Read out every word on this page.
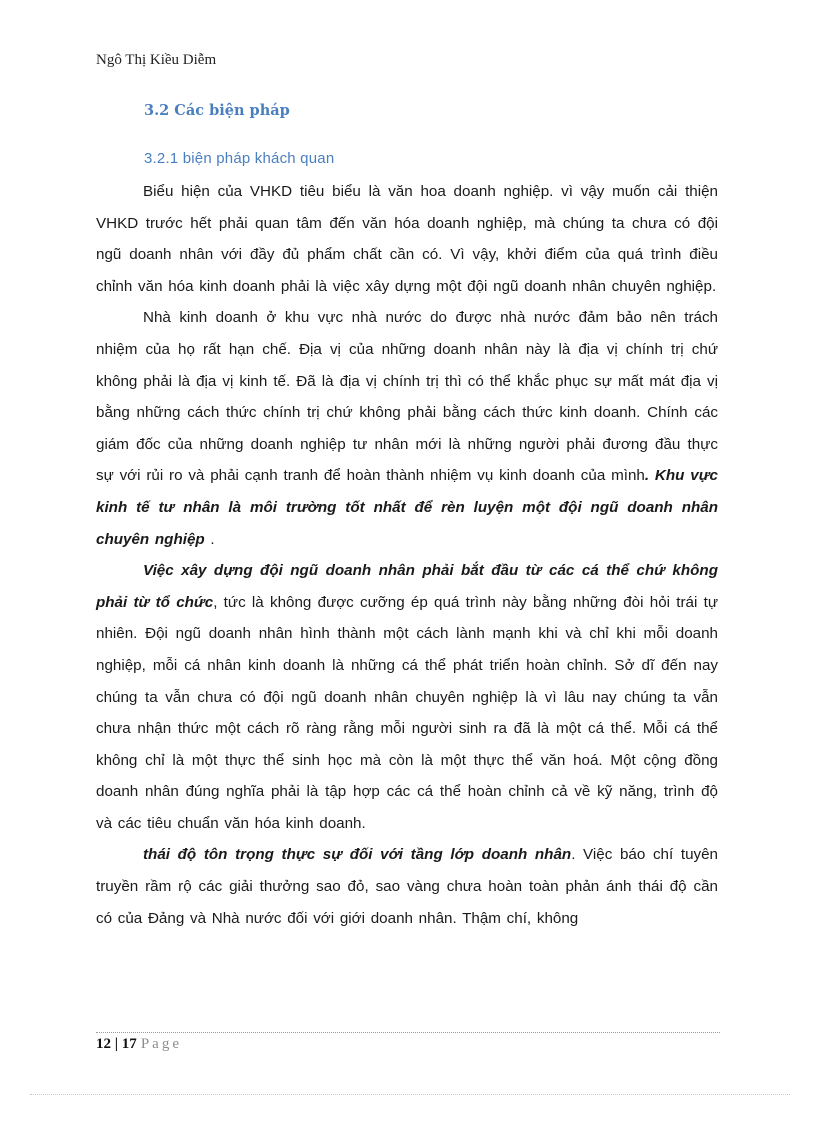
Ngô Thị Kiều Diễm
3.2 Các biện pháp
3.2.1 biện pháp khách quan

Biểu hiện của VHKD tiêu biểu là văn hoa doanh nghiệp. vì vậy muốn cải thiện VHKD trước hết phải quan tâm đến văn hóa doanh nghiệp, mà chúng ta chưa có đội ngũ doanh nhân với đầy đủ phẩm chất cần có. Vì vậy, khởi điểm của quá trình điều chỉnh văn hóa kinh doanh phải là việc xây dựng một đội ngũ doanh nhân chuyên nghiệp.

Nhà kinh doanh ở khu vực nhà nước do được nhà nước đảm bảo nên trách nhiệm của họ rất hạn chế. Địa vị của những doanh nhân này là địa vị chính trị chứ không phải là địa vị kinh tế. Đã là địa vị chính trị thì có thể khắc phục sự mất mát địa vị bằng những cách thức chính trị chứ không phải bằng cách thức kinh doanh. Chính các giám đốc của những doanh nghiệp tư nhân mới là những người phải đương đầu thực sự với rủi ro và phải cạnh tranh để hoàn thành nhiệm vụ kinh doanh của mình. Khu vực kinh tế tư nhân là môi trường tốt nhất để rèn luyện một đội ngũ doanh nhân chuyên nghiệp .

Việc xây dựng đội ngũ doanh nhân phải bắt đầu từ các cá thể chứ không phải từ tổ chức, tức là không được cưỡng ép quá trình này bằng những đòi hỏi trái tự nhiên. Đội ngũ doanh nhân hình thành một cách lành mạnh khi và chỉ khi mỗi doanh nghiệp, mỗi cá nhân kinh doanh là những cá thể phát triển hoàn chỉnh. Sở dĩ đến nay chúng ta vẫn chưa có đội ngũ doanh nhân chuyên nghiệp là vì lâu nay chúng ta vẫn chưa nhận thức một cách rõ ràng rằng mỗi người sinh ra đã là một cá thể. Mỗi cá thể không chỉ là một thực thể sinh học mà còn là một thực thể văn hoá. Một cộng đồng doanh nhân đúng nghĩa phải là tập hợp các cá thể hoàn chỉnh cả về kỹ năng, trình độ và các tiêu chuẩn văn hóa kinh doanh.

thái độ tôn trọng thực sự đối với tầng lớp doanh nhân. Việc báo chí tuyên truyền rầm rộ các giải thưởng sao đỏ, sao vàng chưa hoàn toàn phản ánh thái độ cần có của Đảng và Nhà nước đối với giới doanh nhân. Thậm chí, không

12 | 17 Page
